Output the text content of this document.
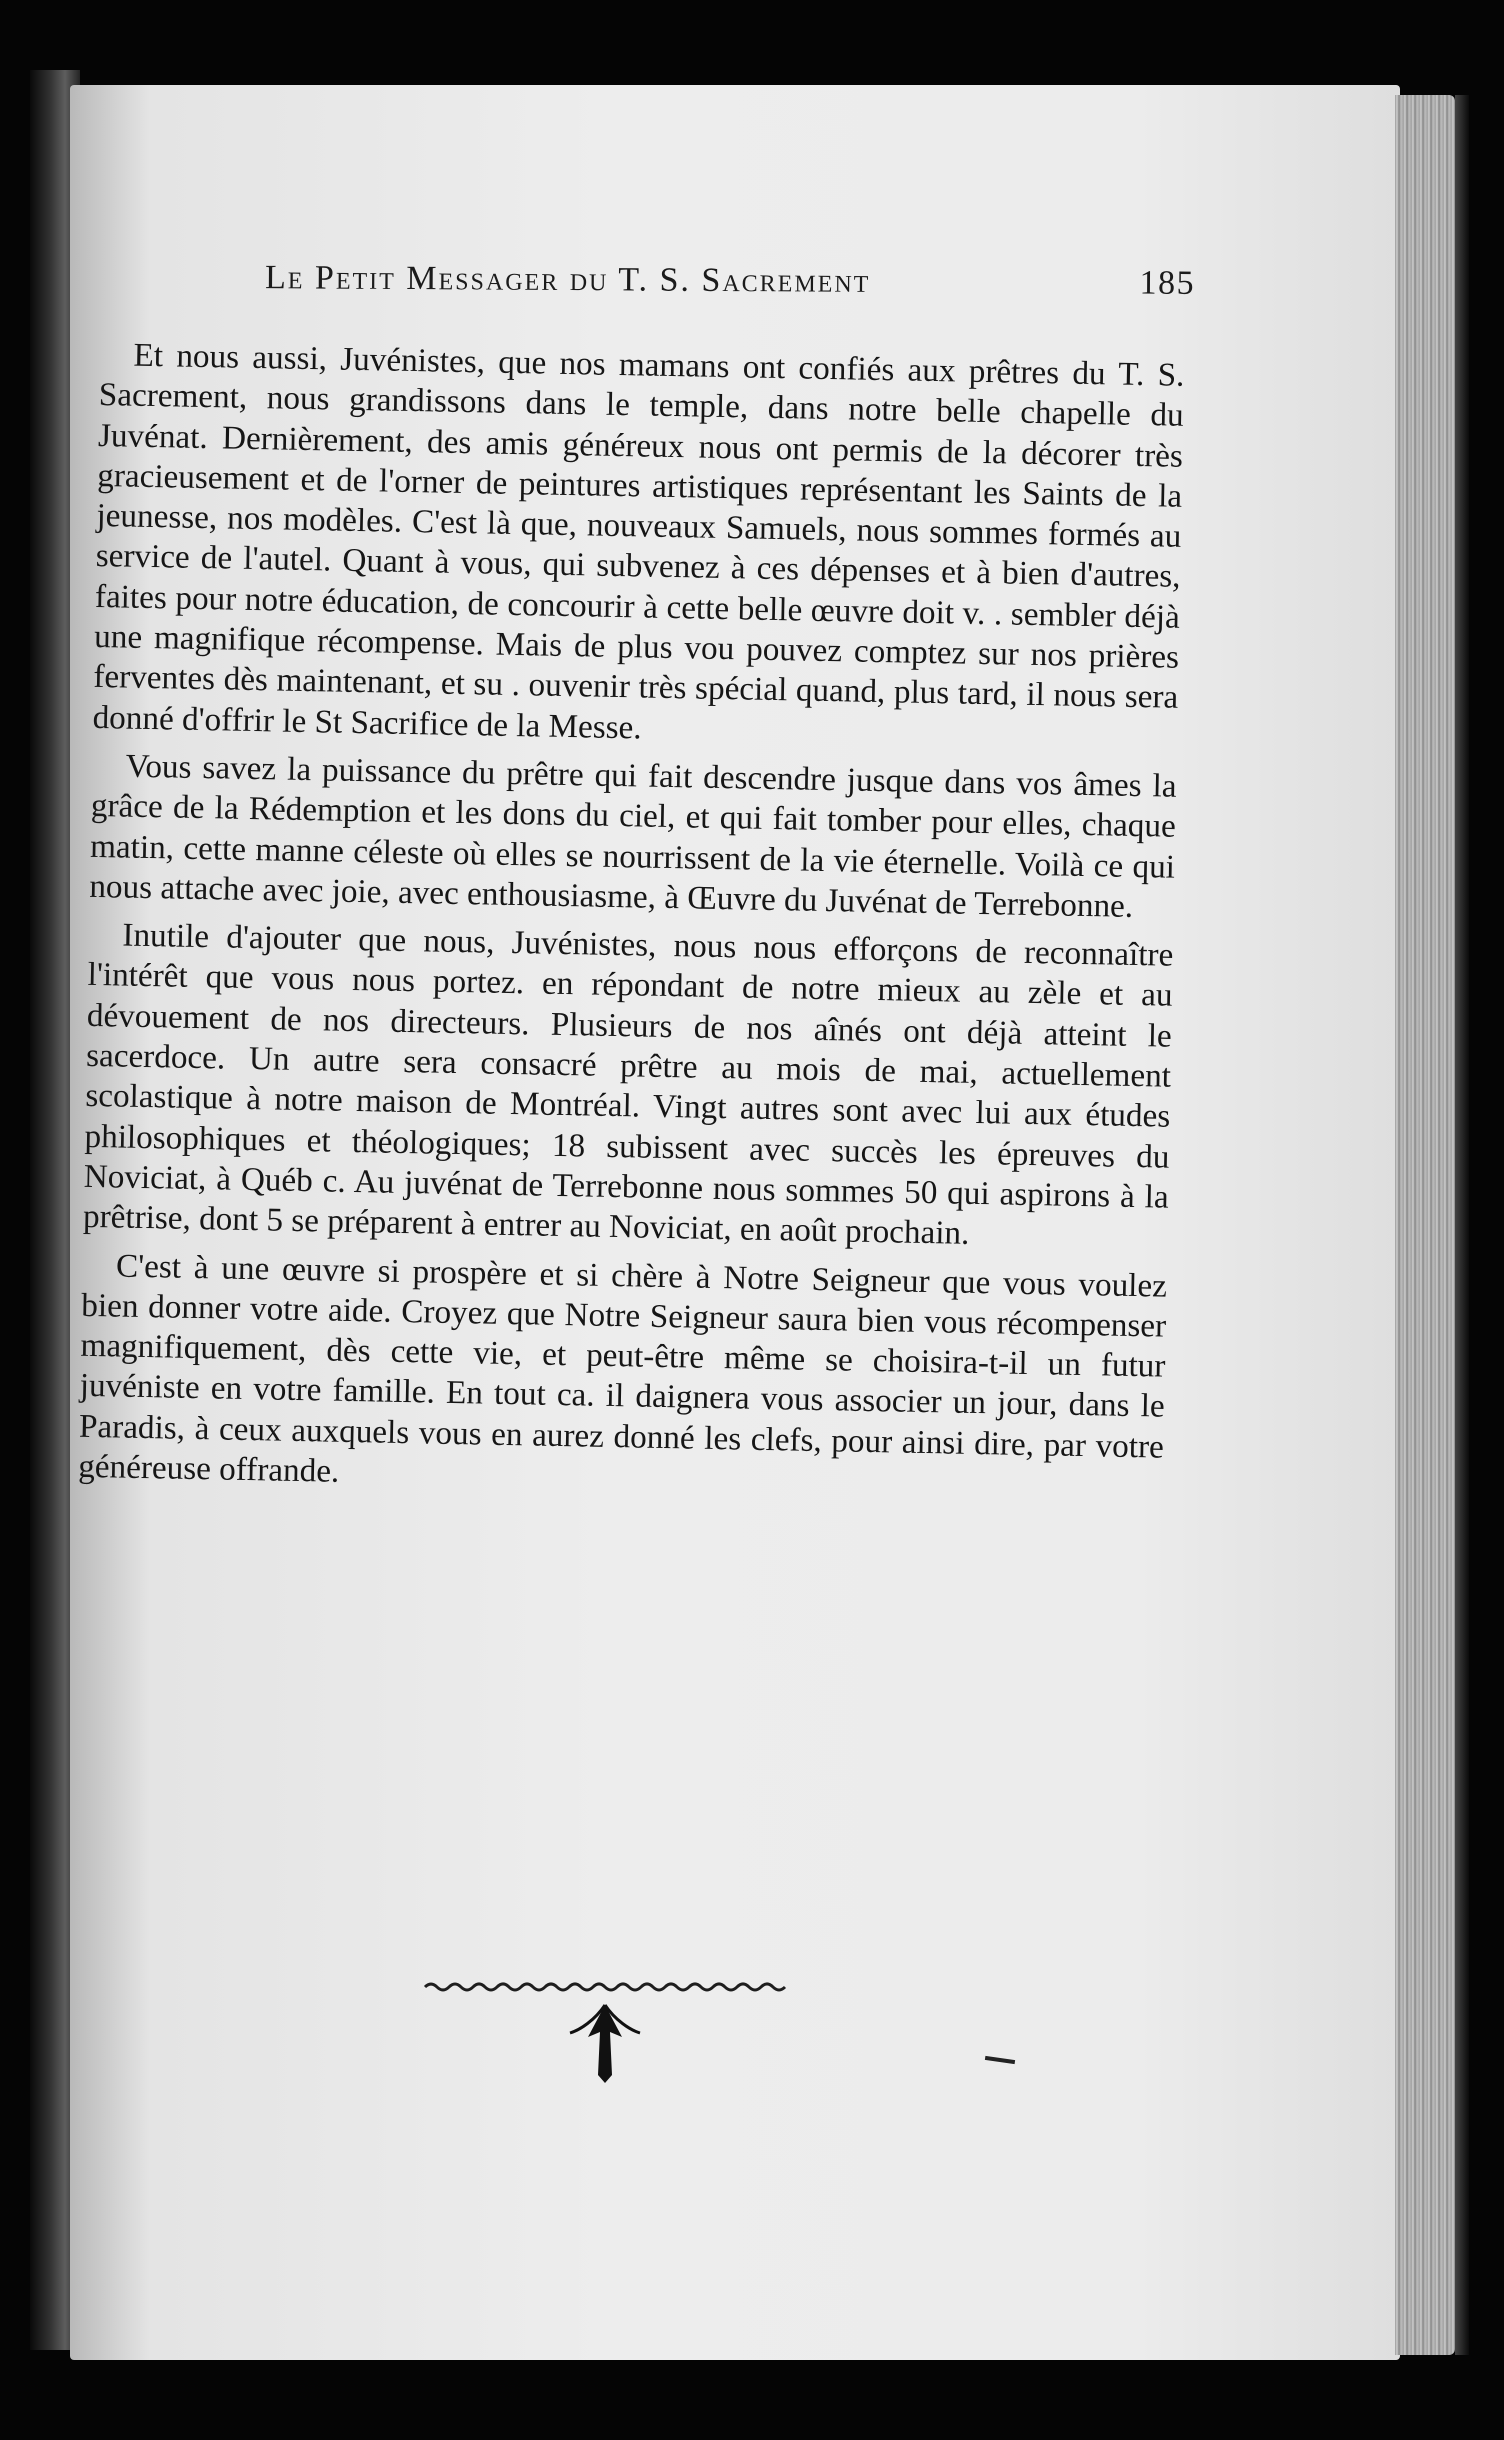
Le Petit Messager du T. S. Sacrement	185

Et nous aussi, Juvénistes, que nos mamans ont confiés aux prêtres du T. S. Sacrement, nous grandissons dans le temple, dans notre belle chapelle du Juvénat. Dernièrement, des amis généreux nous ont permis de la décorer très gracieusement et de l'orner de peintures artistiques représentant les Saints de la jeunesse, nos modèles. C'est là que, nouveaux Samuels, nous sommes formés au service de l'autel. Quant à vous, qui subvenez à ces dépenses et à bien d'autres, faites pour notre éducation, de concourir à cette belle œuvre doit v. . sembler déjà une magnifique récompense. Mais de plus vou pouvez comptez sur nos prières ferventes dès maintenant, et su . ouvenir très spécial quand, plus tard, il nous sera donné d'offrir le St Sacrifice de la Messe.

Vous savez la puissance du prêtre qui fait descendre jusque dans vos âmes la grâce de la Rédemption et les dons du ciel, et qui fait tomber pour elles, chaque matin, cette manne céleste où elles se nourrissent de la vie éternelle. Voilà ce qui nous attache avec joie, avec enthousiasme, à Œuvre du Juvénat de Terrebonne.

Inutile d'ajouter que nous, Juvénistes, nous nous efforçons de reconnaître l'intérêt que vous nous portez. en répondant de notre mieux au zèle et au dévouement de nos directeurs. Plusieurs de nos aînés ont déjà atteint le sacerdoce. Un autre sera consacré prêtre au mois de mai, actuellement scolastique à notre maison de Montréal. Vingt autres sont avec lui aux études philosophiques et théologiques; 18 subissent avec succès les épreuves du Noviciat, à Québ c. Au juvénat de Terrebonne nous sommes 50 qui aspirons à la prêtrise, dont 5 se préparent à entrer au Noviciat, en août prochain.

C'est à une œuvre si prospère et si chère à Notre Seigneur que vous voulez bien donner votre aide. Croyez que Notre Seigneur saura bien vous récompenser magnifiquement, dès cette vie, et peut-être même se choisira-t-il un futur juvéniste en votre famille. En tout ca. il daignera vous associer un jour, dans le Paradis, à ceux auxquels vous en aurez donné les clefs, pour ainsi dire, par votre généreuse offrande.
